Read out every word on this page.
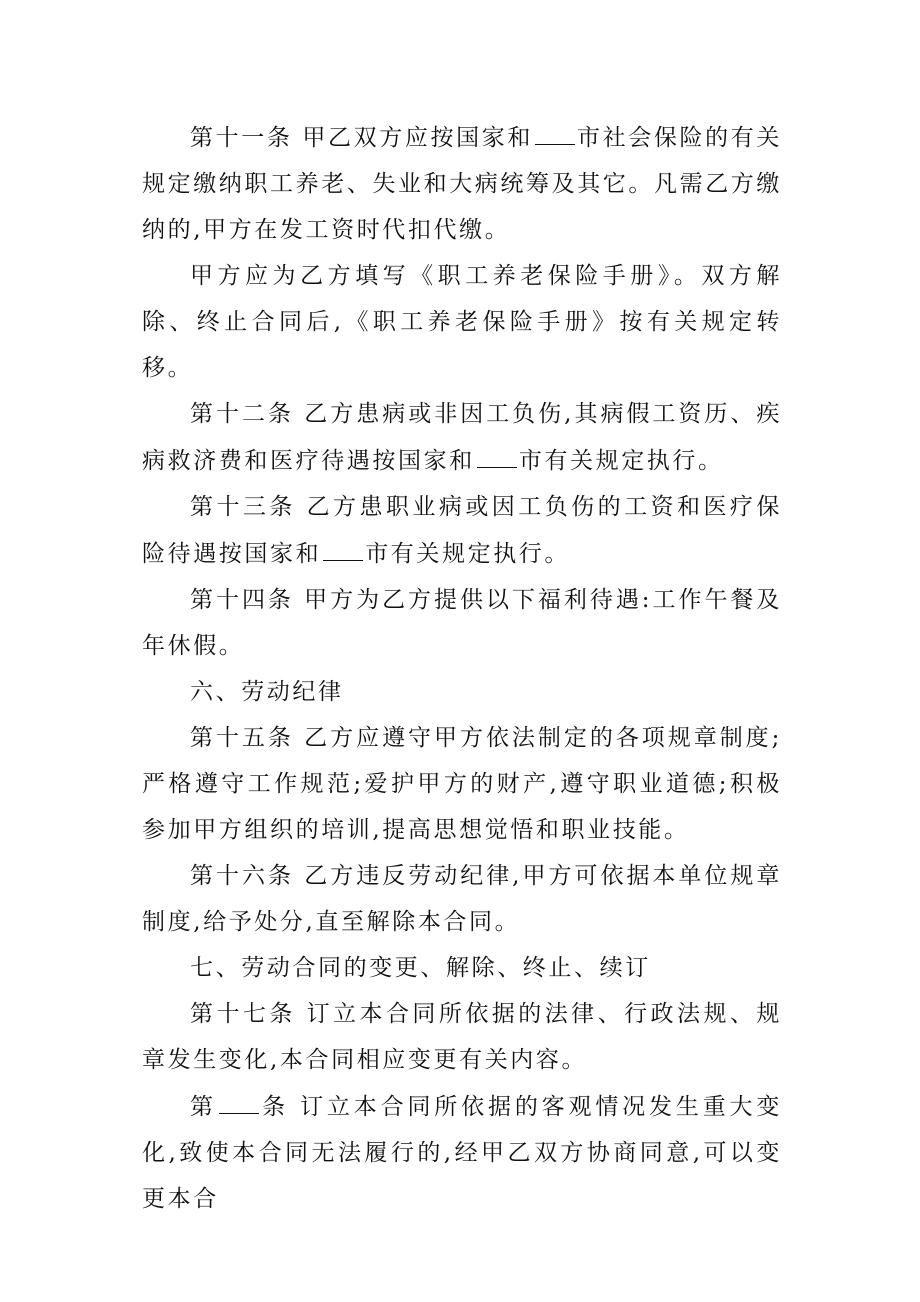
第十一条 甲乙双方应按国家和 市社会保险的有关规定缴纳职工养老、失业和大病统筹及其它。凡需乙方缴纳的,甲方在发工资时代扣代缴。

甲方应为乙方填写《职工养老保险手册》。双方解除、终止合同后,《职工养老保险手册》按有关规定转移。

第十二条 乙方患病或非因工负伤,其病假工资历、疾病救济费和医疗待遇按国家和 市有关规定执行。

第十三条 乙方患职业病或因工负伤的工资和医疗保险待遇按国家和 市有关规定执行。

第十四条 甲方为乙方提供以下福利待遇:工作午餐及年休假。

六、劳动纪律

第十五条 乙方应遵守甲方依法制定的各项规章制度;严格遵守工作规范;爱护甲方的财产,遵守职业道德;积极参加甲方组织的培训,提高思想觉悟和职业技能。

第十六条 乙方违反劳动纪律,甲方可依据本单位规章制度,给予处分,直至解除本合同。

七、劳动合同的变更、解除、终止、续订

第十七条 订立本合同所依据的法律、行政法规、规章发生变化,本合同相应变更有关内容。

第 条 订立本合同所依据的客观情况发生重大变化,致使本合同无法履行的,经甲乙双方协商同意,可以变更本合
